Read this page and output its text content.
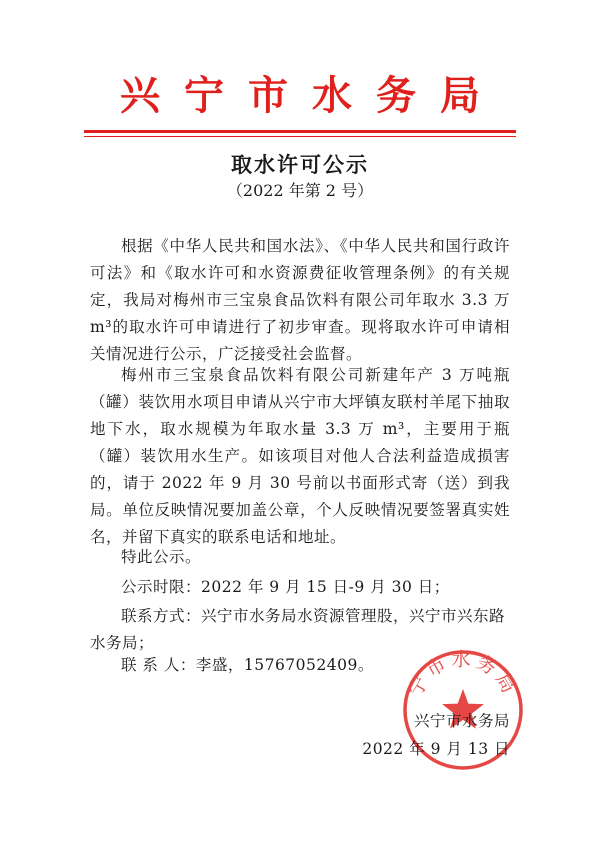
兴宁市水务局
取水许可公示
（2022 年第 2 号）

根据《中华人民共和国水法》、《中华人民共和国行政许可法》和《取水许可和水资源费征收管理条例》的有关规定，我局对梅州市三宝泉食品饮料有限公司年取水 3.3 万 m³的取水许可申请进行了初步审查。现将取水许可申请相关情况进行公示，广泛接受社会监督。

梅州市三宝泉食品饮料有限公司新建年产 3 万吨瓶（罐）装饮用水项目申请从兴宁市大坪镇友联村羊尾下抽取地下水，取水规模为年取水量 3.3 万 m³，主要用于瓶（罐）装饮用水生产。如该项目对他人合法利益造成损害的，请于 2022 年 9 月 30 号前以书面形式寄（送）到我局。单位反映情况要加盖公章，个人反映情况要签署真实姓名，并留下真实的联系电话和地址。

特此公示。
公示时限：2022 年 9 月 15 日-9 月 30 日；
联系方式：兴宁市水务局水资源管理股，兴宁市兴东路
水务局；
联 系 人：李盛，15767052409。
宁市水务局
兴宁市水务局
2022 年 9 月 13 日
